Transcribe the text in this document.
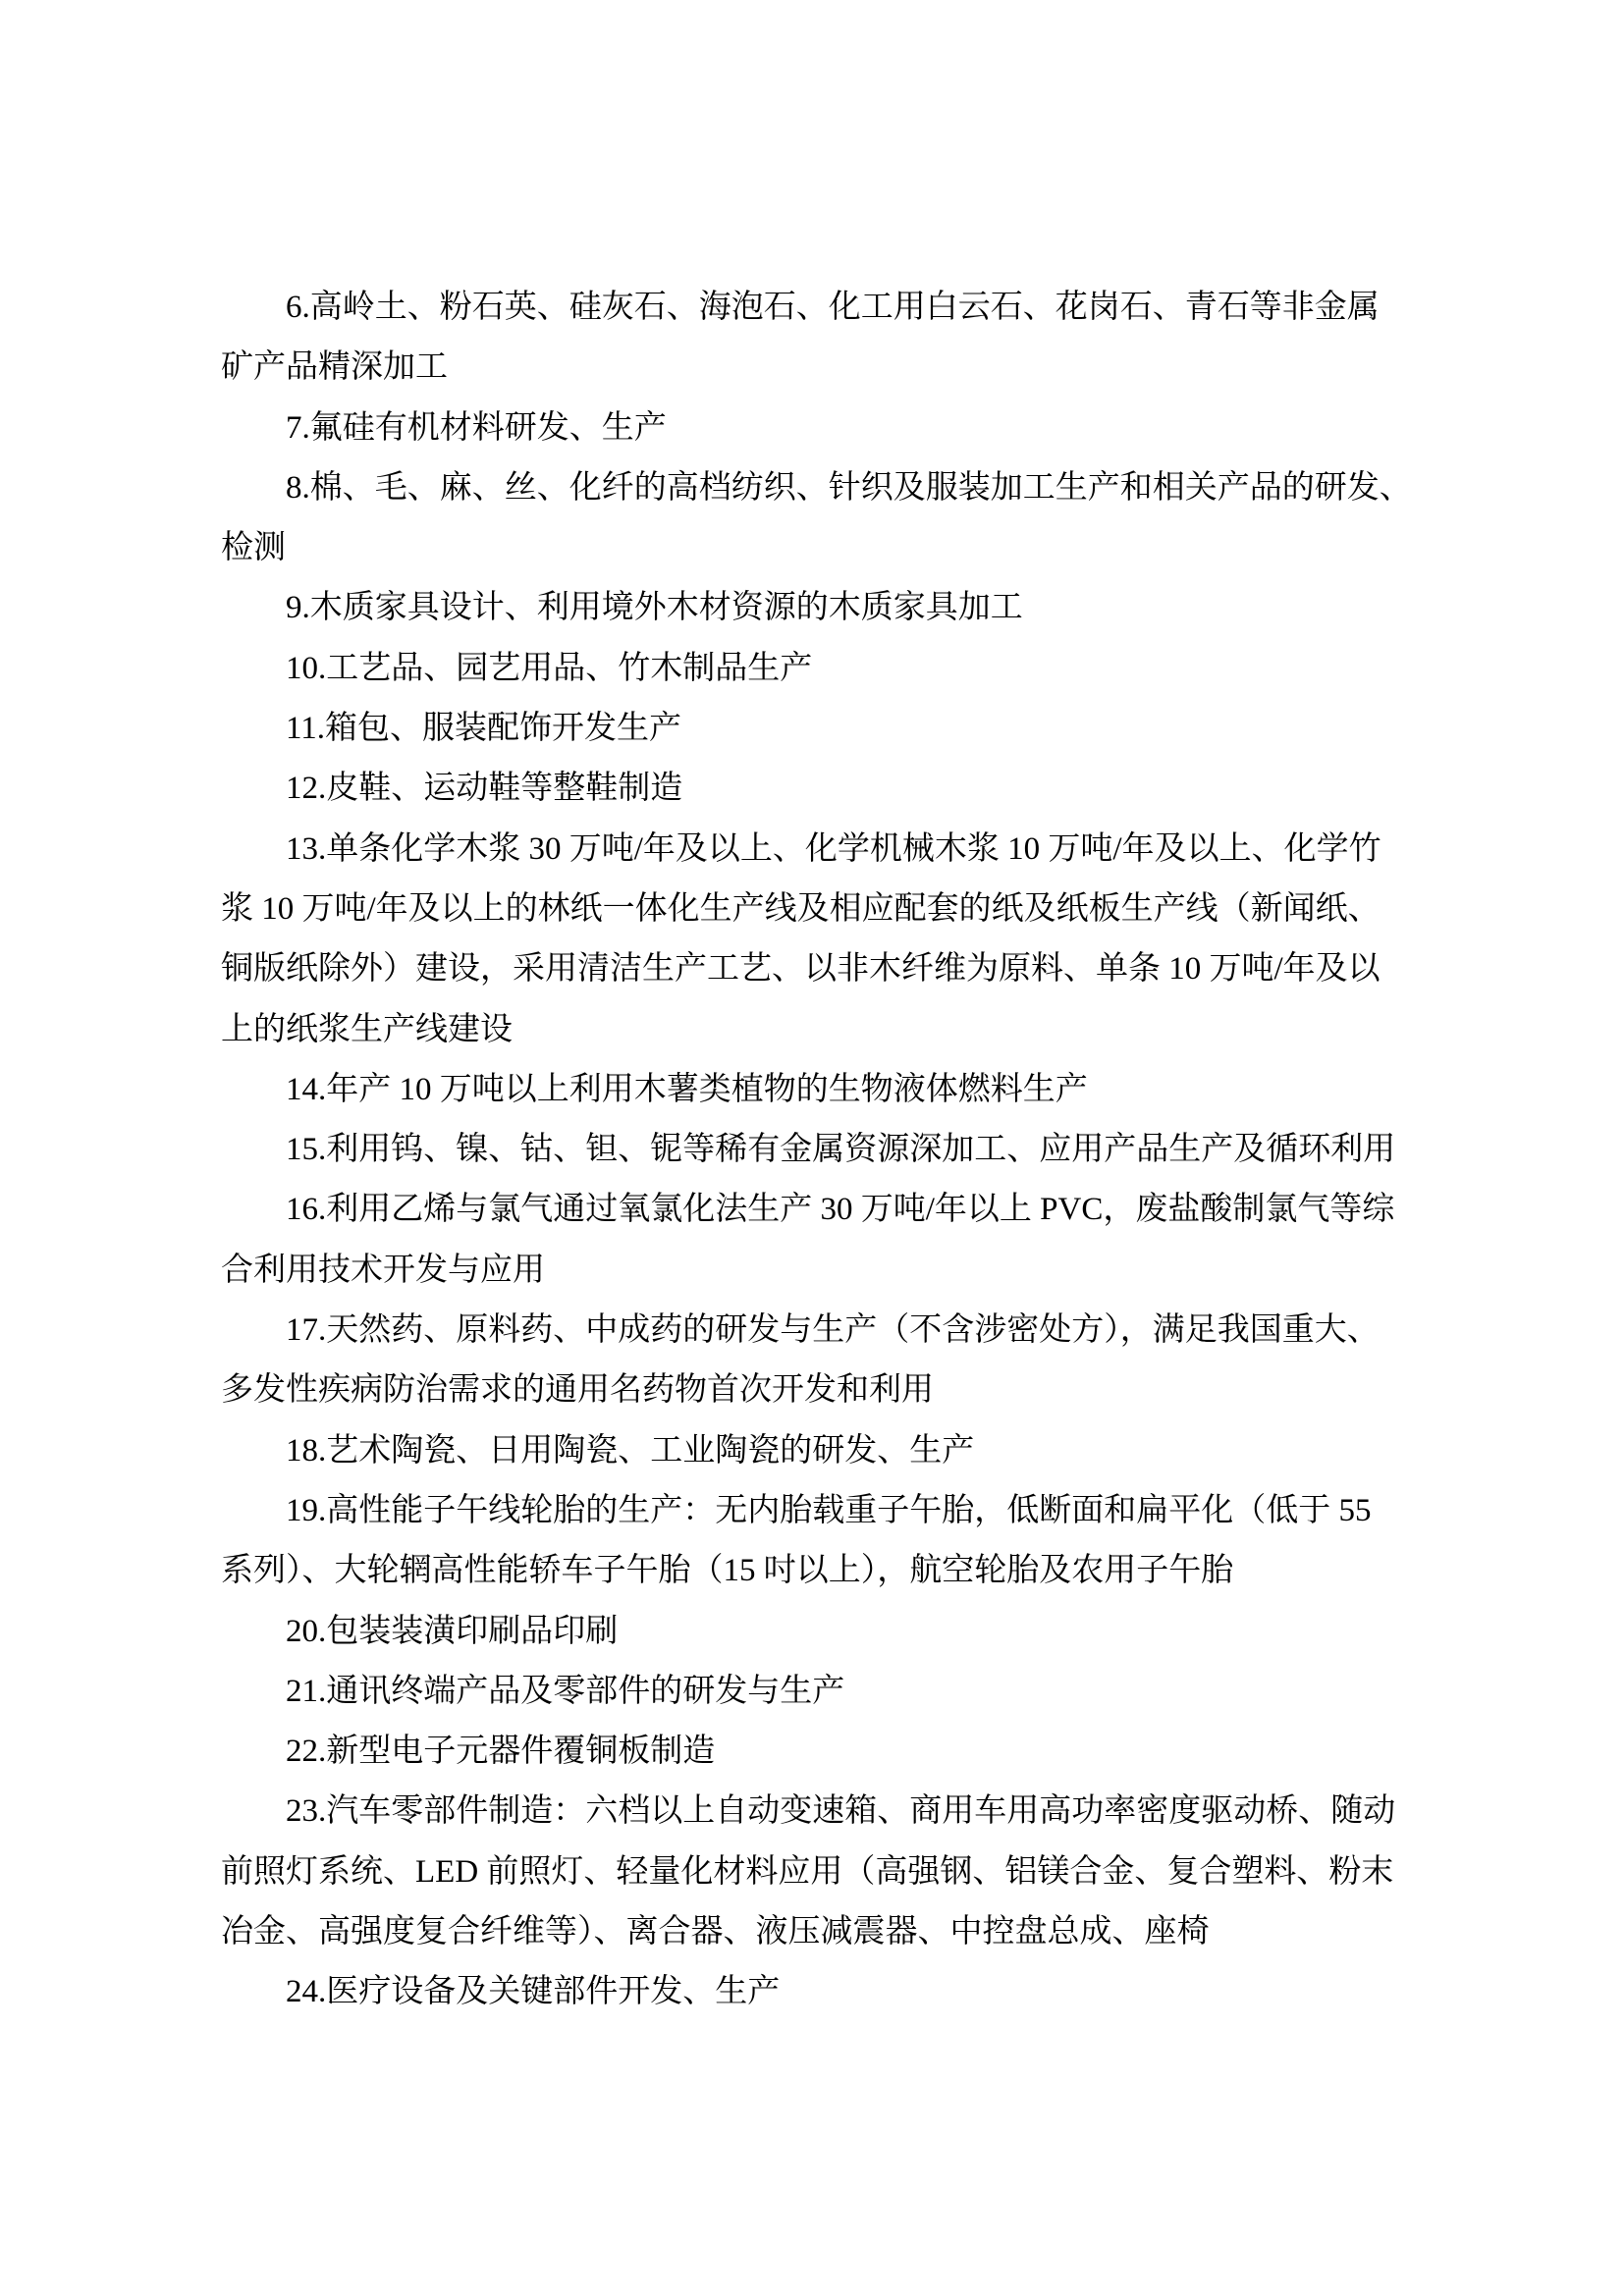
6.高岭土、粉石英、硅灰石、海泡石、化工用白云石、花岗石、青石等非金属
矿产品精深加工
7.氟硅有机材料研发、生产
8.棉、毛、麻、丝、化纤的高档纺织、针织及服装加工生产和相关产品的研发、
检测
9.木质家具设计、利用境外木材资源的木质家具加工
10.工艺品、园艺用品、竹木制品生产
11.箱包、服装配饰开发生产
12.皮鞋、运动鞋等整鞋制造
13.单条化学木浆 30 万吨/年及以上、化学机械木浆 10 万吨/年及以上、化学竹
浆 10 万吨/年及以上的林纸一体化生产线及相应配套的纸及纸板生产线（新闻纸、
铜版纸除外）建设，采用清洁生产工艺、以非木纤维为原料、单条 10 万吨/年及以
上的纸浆生产线建设
14.年产 10 万吨以上利用木薯类植物的生物液体燃料生产
15.利用钨、镍、钴、钽、铌等稀有金属资源深加工、应用产品生产及循环利用
16.利用乙烯与氯气通过氧氯化法生产 30 万吨/年以上 PVC，废盐酸制氯气等综
合利用技术开发与应用
17.天然药、原料药、中成药的研发与生产（不含涉密处方），满足我国重大、
多发性疾病防治需求的通用名药物首次开发和利用
18.艺术陶瓷、日用陶瓷、工业陶瓷的研发、生产
19.高性能子午线轮胎的生产：无内胎载重子午胎，低断面和扁平化（低于 55
系列）、大轮辋高性能轿车子午胎（15 吋以上），航空轮胎及农用子午胎
20.包装装潢印刷品印刷
21.通讯终端产品及零部件的研发与生产
22.新型电子元器件覆铜板制造
23.汽车零部件制造：六档以上自动变速箱、商用车用高功率密度驱动桥、随动
前照灯系统、LED 前照灯、轻量化材料应用（高强钢、铝镁合金、复合塑料、粉末
冶金、高强度复合纤维等）、离合器、液压减震器、中控盘总成、座椅
24.医疗设备及关键部件开发、生产
